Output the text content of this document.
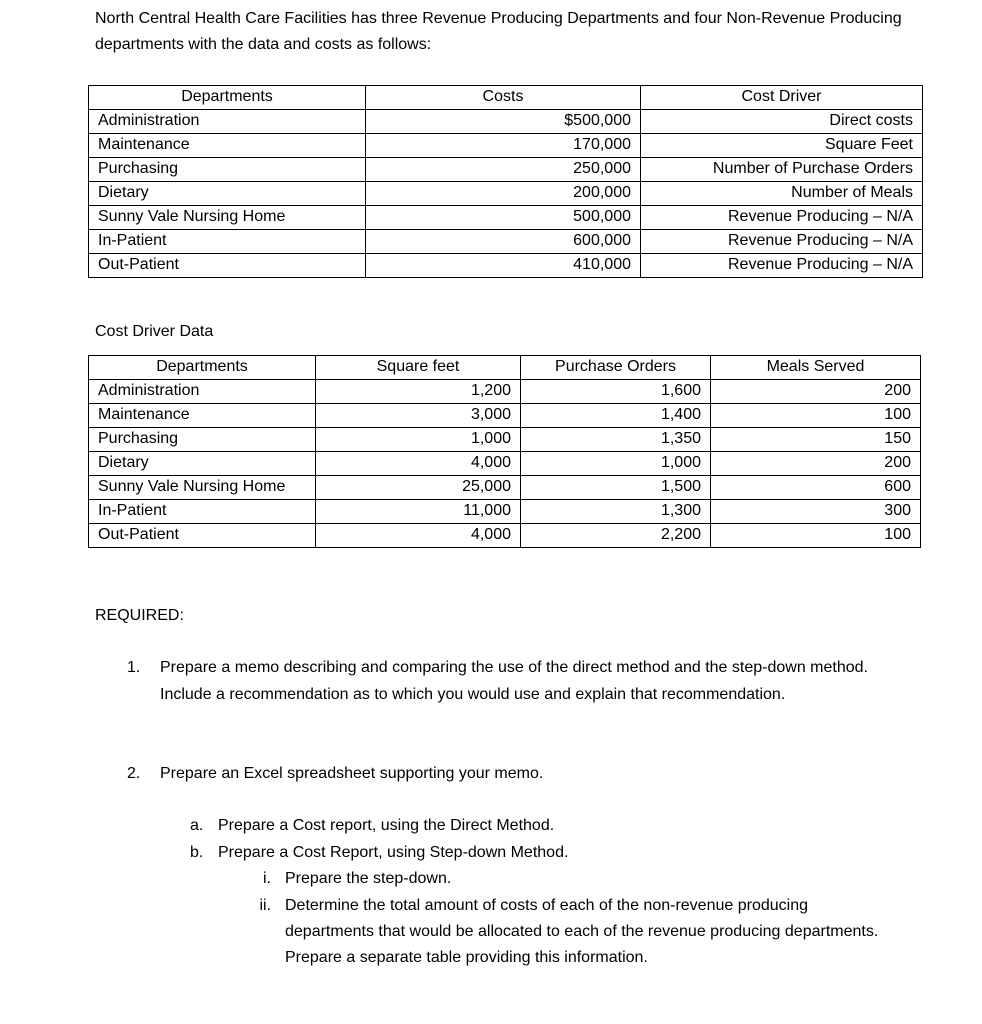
North Central Health Care Facilities has three Revenue Producing Departments and four Non-Revenue Producing departments with the data and costs as follows:

Departments	Costs	Cost Driver
Administration	$500,000	Direct costs
Maintenance	170,000	Square Feet
Purchasing	250,000	Number of Purchase Orders
Dietary	200,000	Number of Meals
Sunny Vale Nursing Home	500,000	Revenue Producing – N/A
In-Patient	600,000	Revenue Producing – N/A
Out-Patient	410,000	Revenue Producing – N/A
Cost Driver Data
Departments	Square feet	Purchase Orders	Meals Served
Administration	1,200	1,600	200
Maintenance	3,000	1,400	100
Purchasing	1,000	1,350	150
Dietary	4,000	1,000	200
Sunny Vale Nursing Home	25,000	1,500	600
In-Patient	11,000	1,300	300
Out-Patient	4,000	2,200	100
REQUIRED:
1.	Prepare a memo describing and comparing the use of the direct method and the step-down method. Include a recommendation as to which you would use and explain that recommendation.
2.	Prepare an Excel spreadsheet supporting your memo.
a. Prepare a Cost report, using the Direct Method.
b. Prepare a Cost Report, using Step-down Method.
i. Prepare the step-down.
ii. Determine the total amount of costs of each of the non-revenue producing departments that would be allocated to each of the revenue producing departments. Prepare a separate table providing this information.
